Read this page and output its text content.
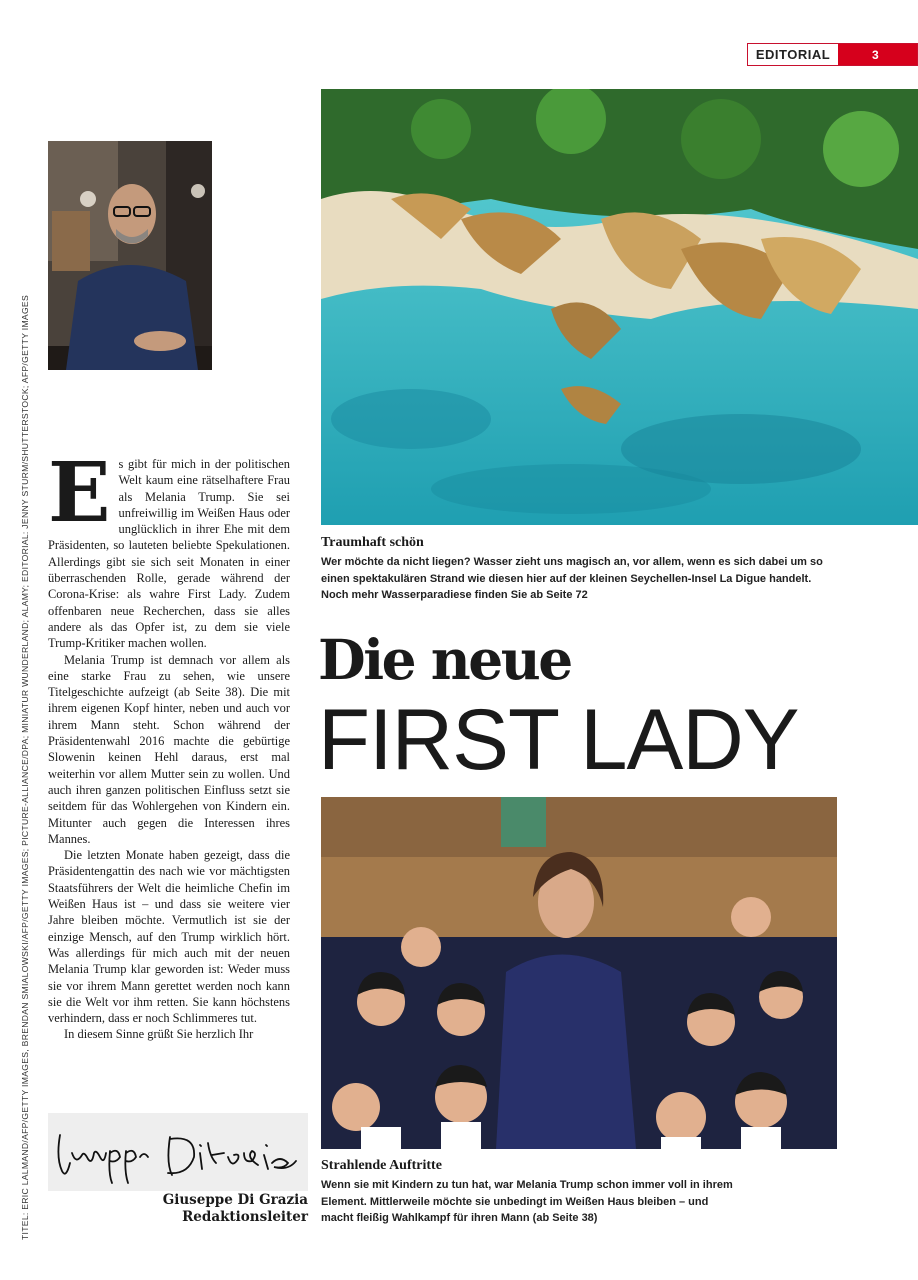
EDITORIAL	3
TITEL: ERIC LALMAND/AFP/GETTY IMAGES, BRENDAN SMIALOWSKI/AFP/GETTY IMAGES; PICTURE-ALLIANCE/DPA; MINIATUR WUNDERLAND; ALAMY; EDITORIAL: JENNY STURM/SHUTTERSTOCK; AFP/GETTY IMAGES	Traumhaft schön
Wer möchte da nicht liegen? Wasser zieht uns magisch an, vor allem, wenn es sich dabei um so einen spektakulären Strand wie diesen hier auf der kleinen Seychellen-Insel La Digue handelt. Noch mehr Wasserparadiese finden Sie ab Seite 72
Die neue
FIRST LADY
Strahlende Auftritte
Wenn sie mit Kindern zu tun hat, war Melania Trump schon immer voll in ihrem Element. Mittlerweile möchte sie unbedingt im Weißen Haus bleiben – und macht fleißig Wahlkampf für ihren Mann (ab Seite 38)

Es gibt für mich in der politischen Welt kaum eine rätselhaftere Frau als Melania Trump. Sie sei unfreiwillig im Weißen Haus oder unglücklich in ihrer Ehe mit dem Präsidenten, so lauteten beliebte Spekulationen. Allerdings gibt sie sich seit Monaten in einer überraschenden Rolle, gerade während der Corona-Krise: als wahre First Lady. Zudem offenbaren neue Recherchen, dass sie alles andere als das Opfer ist, zu dem sie viele Trump-Kritiker machen wollen.

Melania Trump ist demnach vor allem als eine starke Frau zu sehen, wie unsere Titelgeschichte aufzeigt (ab Seite 38). Die mit ihrem eigenen Kopf hinter, neben und auch vor ihrem Mann steht. Schon während der Präsidentenwahl 2016 machte die gebürtige Slowenin keinen Hehl daraus, erst mal weiterhin vor allem Mutter sein zu wollen. Und auch ihren ganzen politischen Einfluss setzt sie seitdem für das Wohlergehen von Kindern ein. Mitunter auch gegen die Interessen ihres Mannes.

Die letzten Monate haben gezeigt, dass die Präsidentengattin des nach wie vor mächtigsten Staatsführers der Welt die heimliche Chefin im Weißen Haus ist – und dass sie weitere vier Jahre bleiben möchte. Vermutlich ist sie der einzige Mensch, auf den Trump wirklich hört. Was allerdings für mich auch mit der neuen Melania Trump klar geworden ist: Weder muss sie vor ihrem Mann gerettet werden noch kann sie die Welt vor ihm retten. Sie kann höchstens verhindern, dass er noch Schlimmeres tut.

In diesem Sinne grüßt Sie herzlich Ihr

Giuseppe Di Grazia
Redaktionsleiter
